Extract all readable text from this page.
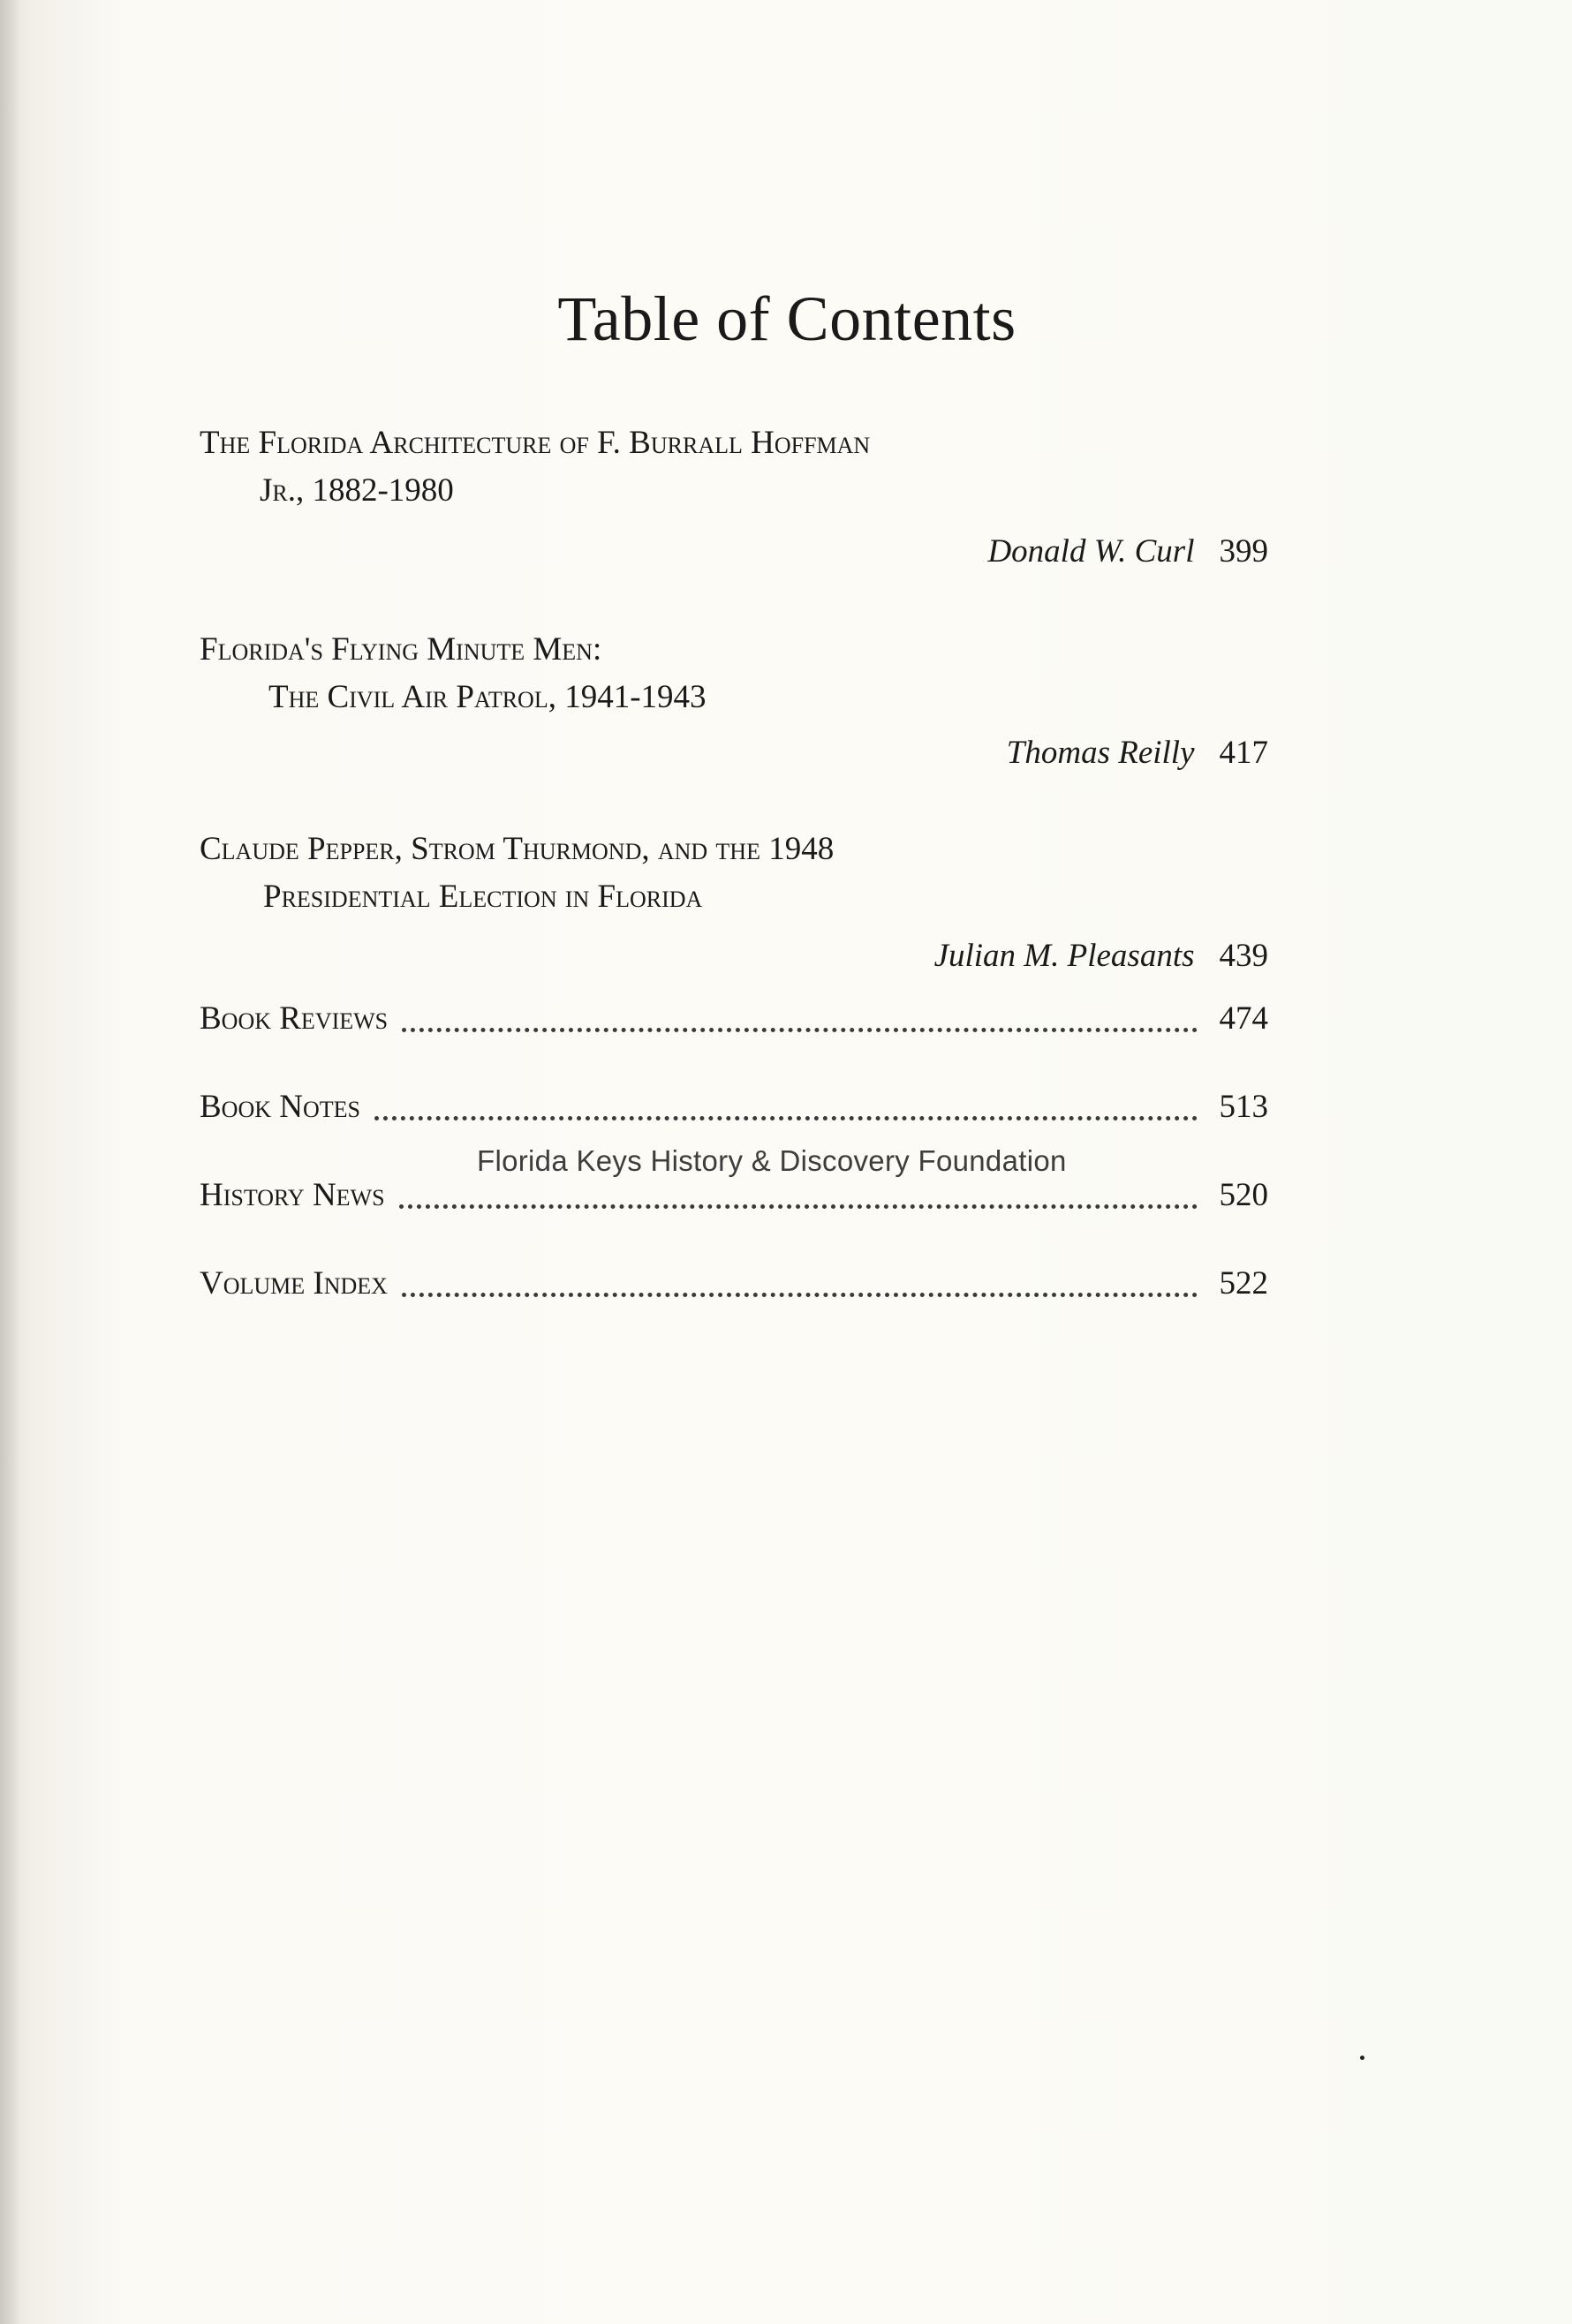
Table of Contents
The Florida Architecture of F. Burrall Hoffman
Jr., 1882-1980
Donald W. Curl 399
Florida's Flying Minute Men:
The Civil Air Patrol, 1941-1943
Thomas Reilly 417
Claude Pepper, Strom Thurmond, and the 1948
Presidential Election in Florida
Julian M. Pleasants 439
Book Reviews	474
Book Notes	513
History News	520
Volume Index	522
Florida Keys History & Discovery Foundation
